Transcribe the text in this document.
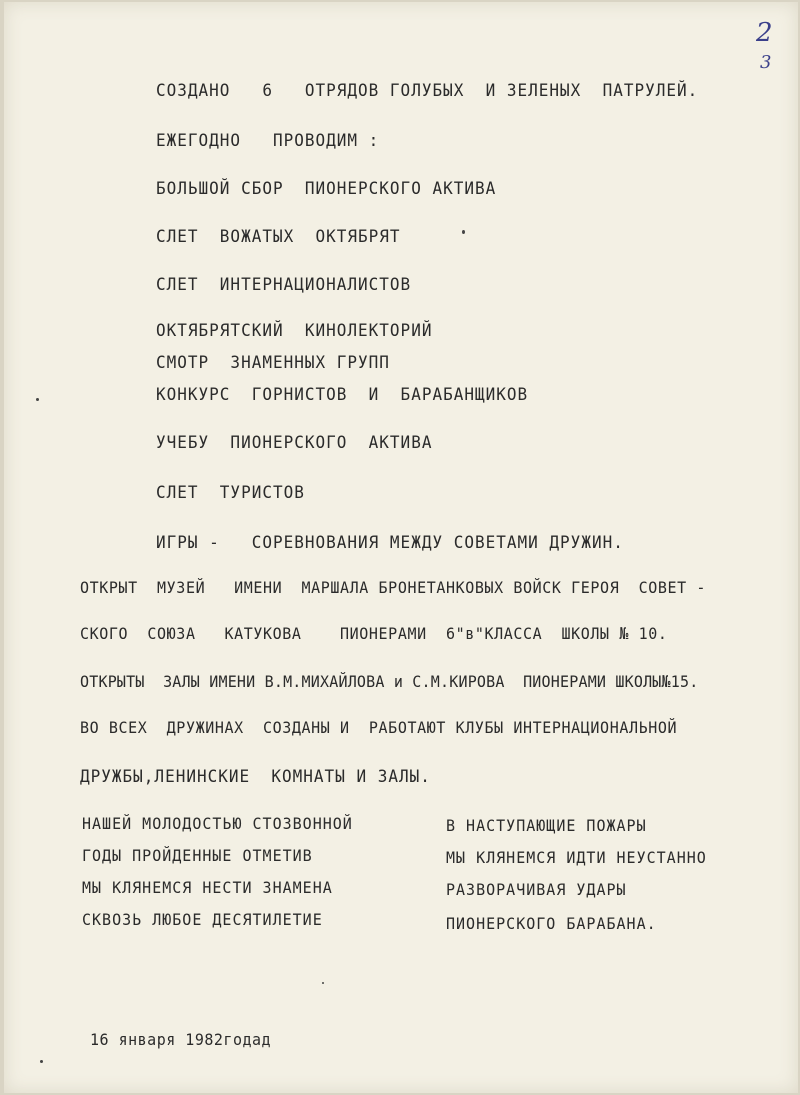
2
3
СОЗДАНО   6   ОТРЯДОВ ГОЛУБЫХ  И ЗЕЛЕНЫХ  ПАТРУЛЕЙ.
ЕЖЕГОДНО   ПРОВОДИМ :
БОЛЬШОЙ СБОР  ПИОНЕРСКОГО АКТИВА
СЛЕТ  ВОЖАТЫХ  ОКТЯБРЯТ
СЛЕТ  ИНТЕРНАЦИОНАЛИСТОВ
ОКТЯБРЯТСКИЙ  КИНОЛЕКТОРИЙ
СМОТР  ЗНАМЕННЫХ ГРУПП
КОНКУРС  ГОРНИСТОВ  И  БАРАБАНЩИКОВ
УЧЕБУ  ПИОНЕРСКОГО  АКТИВА
СЛЕТ  ТУРИСТОВ
ИГРЫ -   СОРЕВНОВАНИЯ МЕЖДУ СОВЕТАМИ ДРУЖИН.
ОТКРЫТ  МУЗЕЙ   ИМЕНИ  МАРШАЛА БРОНЕТАНКОВЫХ ВОЙСК ГЕРОЯ  СОВЕТ -
СКОГО  СОЮЗА   КАТУКОВА    ПИОНЕРАМИ  6"в"КЛАССА  ШКОЛЫ № 10.
ОТКРЫТЫ  ЗАЛЫ ИМЕНИ В.М.МИХАЙЛОВА и С.М.КИРОВА  ПИОНЕРАМИ ШКОЛЫ№15.
ВО ВСЕХ  ДРУЖИНАХ  СОЗДАНЫ И  РАБОТАЮТ КЛУБЫ ИНТЕРНАЦИОНАЛЬНОЙ
ДРУЖБЫ,ЛЕНИНСКИЕ  КОМНАТЫ И ЗАЛЫ.
НАШЕЙ МОЛОДОСТЬЮ СТОЗВОННОЙ
ГОДЫ ПРОЙДЕННЫЕ ОТМЕТИВ
МЫ КЛЯНЕМСЯ НЕСТИ ЗНАМЕНА
СКВОЗЬ ЛЮБОЕ ДЕСЯТИЛЕТИЕ
В НАСТУПАЮЩИЕ ПОЖАРЫ
МЫ КЛЯНЕМСЯ ИДТИ НЕУСТАННО
РАЗВОРАЧИВАЯ УДАРЫ
ПИОНЕРСКОГО БАРАБАНА.
16 января 1982годад
